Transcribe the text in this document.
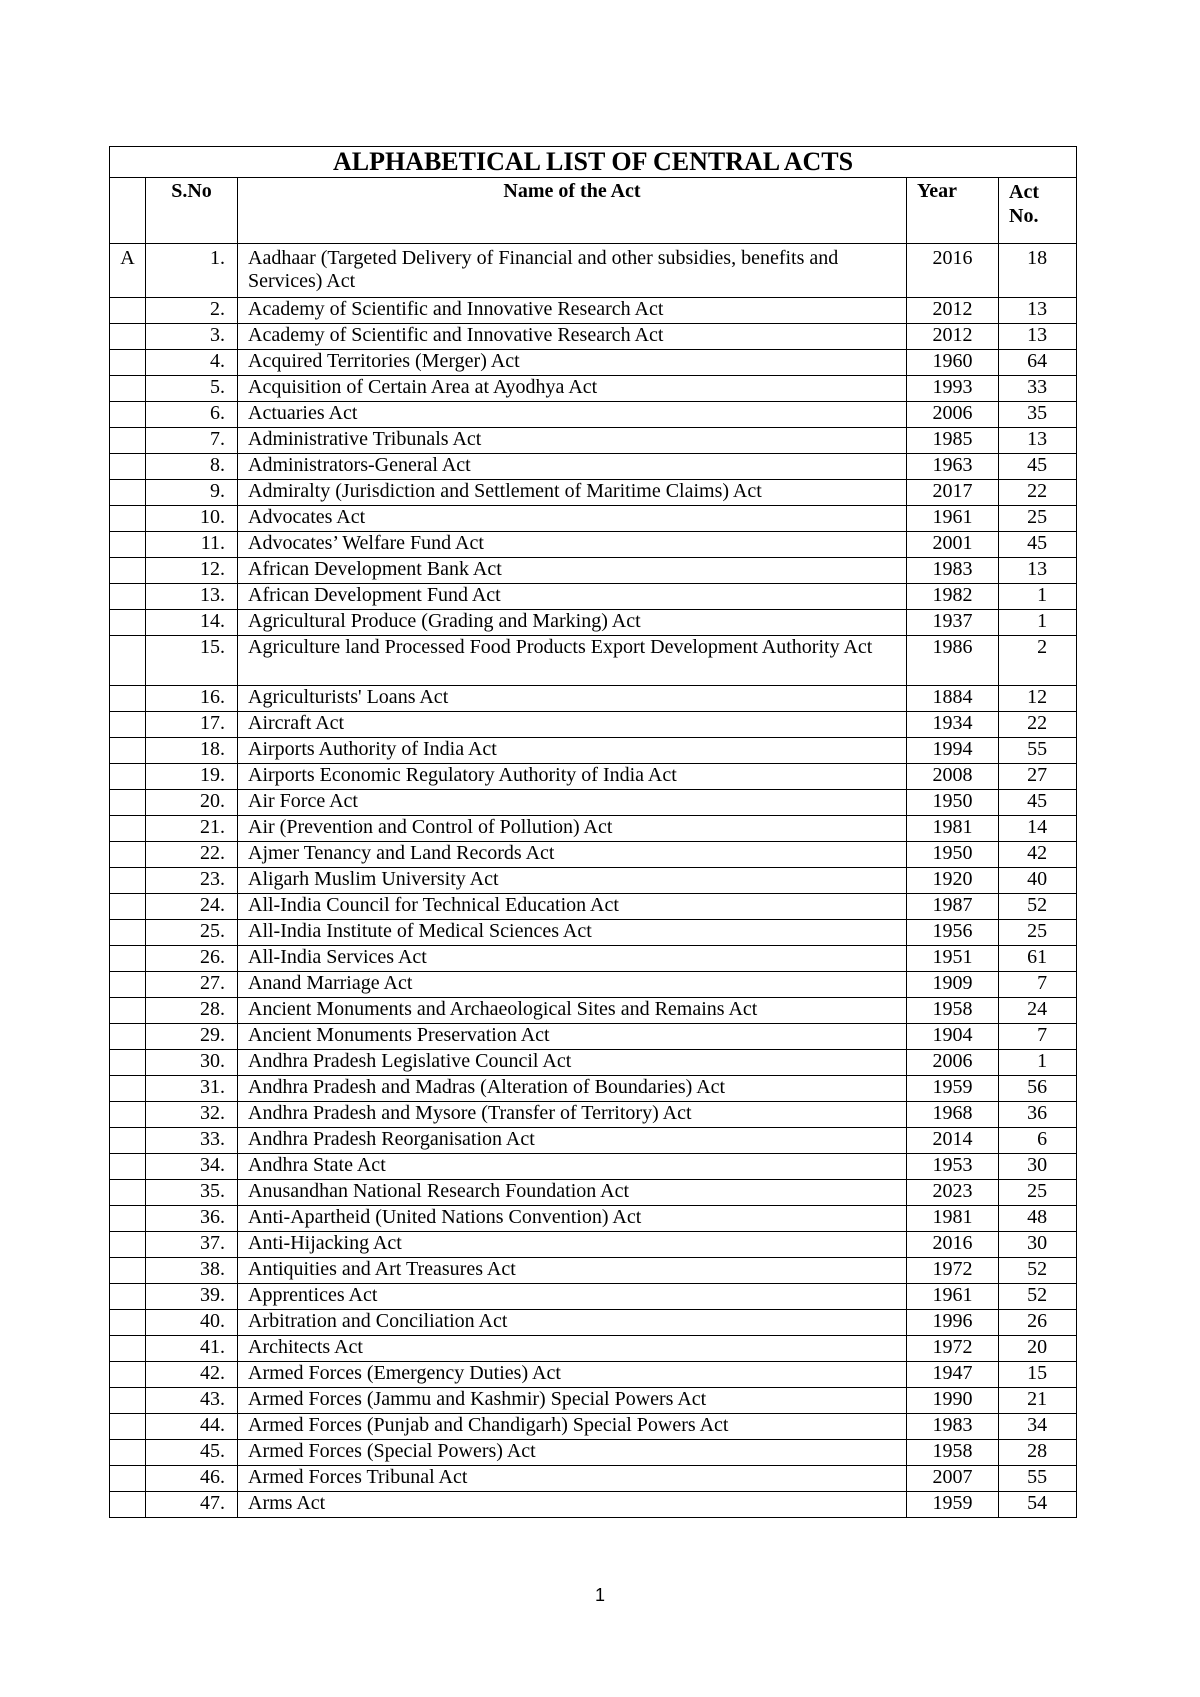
ALPHABETICAL LIST OF CENTRAL ACTS				
	S.No	Name of the Act	Year	Act No.
A	1.	Aadhaar (Targeted Delivery of Financial and other subsidies, benefits and Services) Act	2016	18
	2.	Academy of Scientific and Innovative Research Act	2012	13
	3.	Academy of Scientific and Innovative Research Act	2012	13
	4.	Acquired Territories (Merger) Act	1960	64
	5.	Acquisition of Certain Area at Ayodhya Act	1993	33
	6.	Actuaries Act	2006	35
	7.	Administrative Tribunals Act	1985	13
	8.	Administrators-General Act	1963	45
	9.	Admiralty (Jurisdiction and Settlement of Maritime Claims) Act	2017	22
	10.	Advocates Act	1961	25
	11.	Advocates’ Welfare Fund Act	2001	45
	12.	African Development Bank Act	1983	13
	13.	African Development Fund Act	1982	1
	14.	Agricultural Produce (Grading and Marking) Act	1937	1
	15.	Agriculture land Processed Food Products Export Development Authority Act	1986	2
	16.	Agriculturists' Loans Act	1884	12
	17.	Aircraft Act	1934	22
	18.	Airports Authority of India Act	1994	55
	19.	Airports Economic Regulatory Authority of India Act	2008	27
	20.	Air Force Act	1950	45
	21.	Air (Prevention and Control of Pollution) Act	1981	14
	22.	Ajmer Tenancy and Land Records Act	1950	42
	23.	Aligarh Muslim University Act	1920	40
	24.	All-India Council for Technical Education Act	1987	52
	25.	All-India Institute of Medical Sciences Act	1956	25
	26.	All-India Services Act	1951	61
	27.	Anand Marriage Act	1909	7
	28.	Ancient Monuments and Archaeological Sites and Remains Act	1958	24
	29.	Ancient Monuments Preservation Act	1904	7
	30.	Andhra Pradesh Legislative Council Act	2006	1
	31.	Andhra Pradesh and Madras (Alteration of Boundaries) Act	1959	56
	32.	Andhra Pradesh and Mysore (Transfer of Territory) Act	1968	36
	33.	Andhra Pradesh Reorganisation Act	2014	6
	34.	Andhra State Act	1953	30
	35.	Anusandhan National Research Foundation Act	2023	25
	36.	Anti-Apartheid (United Nations Convention) Act	1981	48
	37.	Anti-Hijacking Act	2016	30
	38.	Antiquities and Art Treasures Act	1972	52
	39.	Apprentices Act	1961	52
	40.	Arbitration and Conciliation Act	1996	26
	41.	Architects Act	1972	20
	42.	Armed Forces (Emergency Duties) Act	1947	15
	43.	Armed Forces (Jammu and Kashmir) Special Powers Act	1990	21
	44.	Armed Forces (Punjab and Chandigarh) Special Powers Act	1983	34
	45.	Armed Forces (Special Powers) Act	1958	28
	46.	Armed Forces Tribunal Act	2007	55
	47.	Arms Act	1959	54
1
